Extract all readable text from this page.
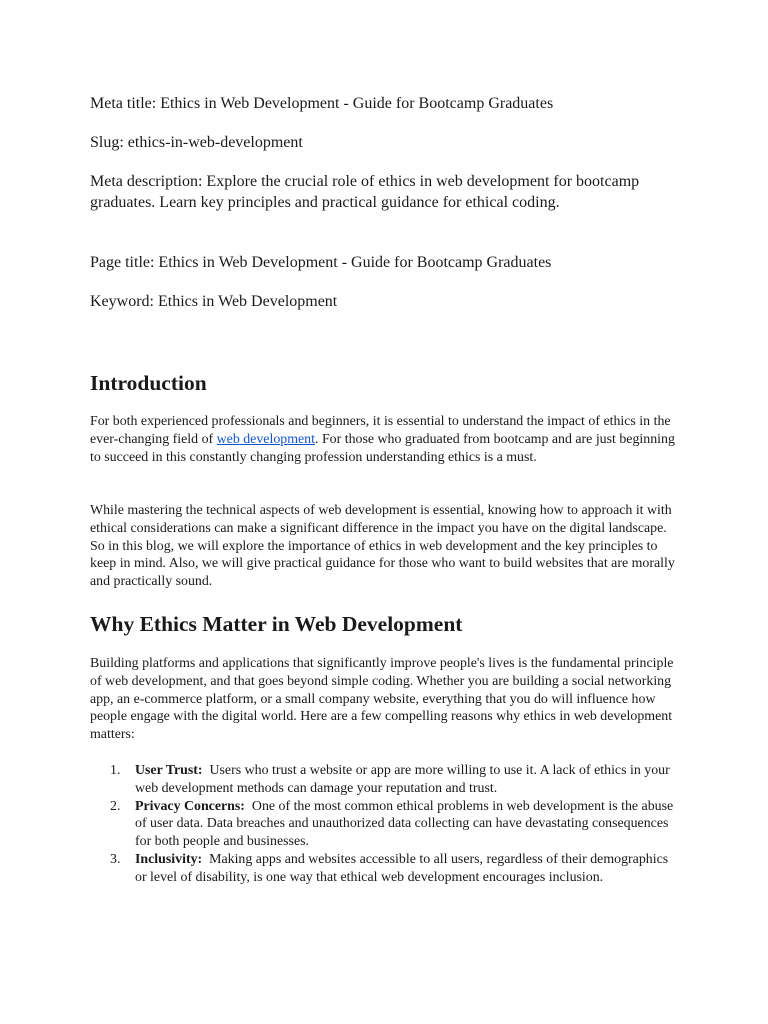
Meta title: Ethics in Web Development - Guide for Bootcamp Graduates
Slug: ethics-in-web-development
Meta description: Explore the crucial role of ethics in web development for bootcamp graduates. Learn key principles and practical guidance for ethical coding.
Page title: Ethics in Web Development - Guide for Bootcamp Graduates
Keyword: Ethics in Web Development
Introduction

For both experienced professionals and beginners, it is essential to understand the impact of ethics in the ever-changing field of web development. For those who graduated from bootcamp and are just beginning to succeed in this constantly changing profession understanding ethics is a must.

While mastering the technical aspects of web development is essential, knowing how to approach it with ethical considerations can make a significant difference in the impact you have on the digital landscape. So in this blog, we will explore the importance of ethics in web development and the key principles to keep in mind. Also, we will give practical guidance for those who want to build websites that are morally and practically sound.

Why Ethics Matter in Web Development

Building platforms and applications that significantly improve people's lives is the fundamental principle of web development, and that goes beyond simple coding. Whether you are building a social networking app, an e-commerce platform, or a small company website, everything that you do will influence how people engage with the digital world. Here are a few compelling reasons why ethics in web development matters:

1. User Trust: Users who trust a website or app are more willing to use it. A lack of ethics in your web development methods can damage your reputation and trust.
2. Privacy Concerns: One of the most common ethical problems in web development is the abuse of user data. Data breaches and unauthorized data collecting can have devastating consequences for both people and businesses.
3. Inclusivity: Making apps and websites accessible to all users, regardless of their demographics or level of disability, is one way that ethical web development encourages inclusion.
